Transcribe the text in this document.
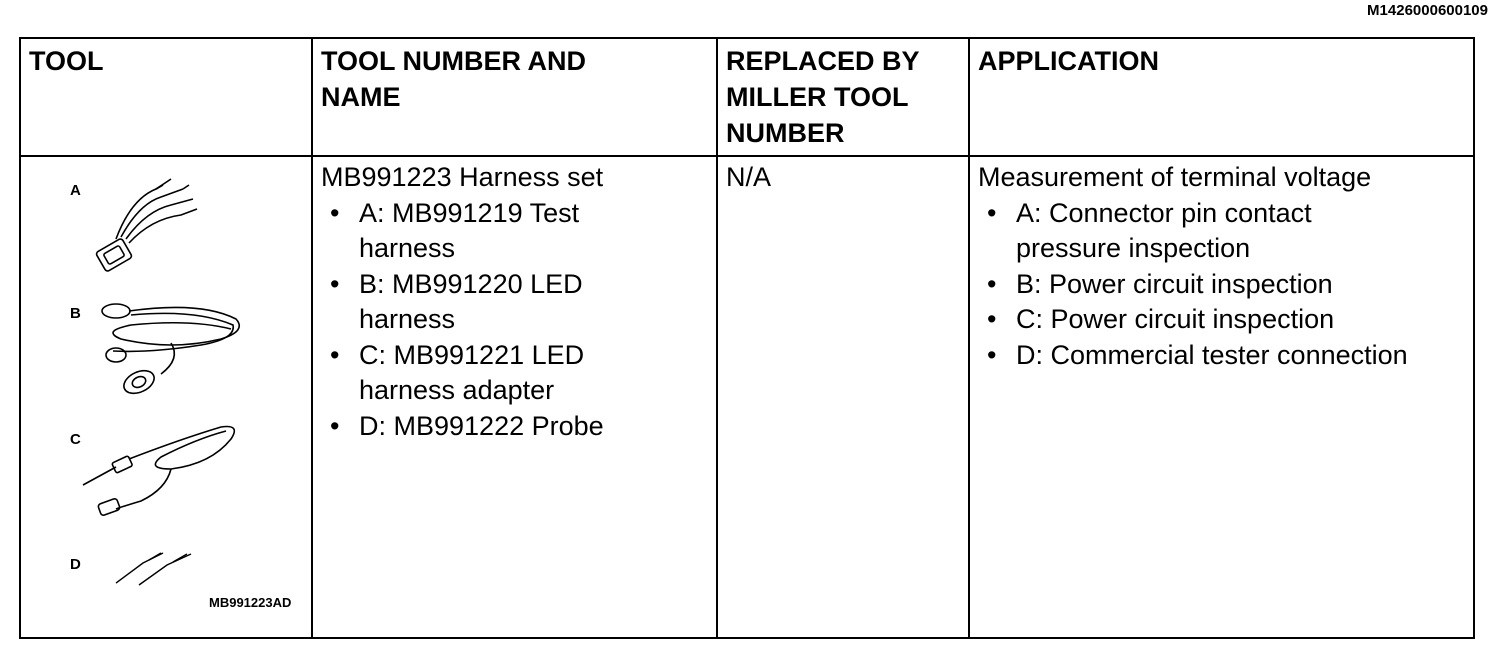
M1426000600109
TOOL	TOOL NUMBER AND
NAME
REPLACED BY
MILLER TOOL
NUMBER
APPLICATION
A
B
C
D
MB991223AD
MB991223 Harness set
• A: MB991219 Test
harness
• B: MB991220 LED
harness
• C: MB991221 LED
harness adapter
• D: MB991222 Probe
N/A	Measurement of terminal voltage
• A: Connector pin contact
pressure inspection
• B: Power circuit inspection
• C: Power circuit inspection
• D: Commercial tester connection
